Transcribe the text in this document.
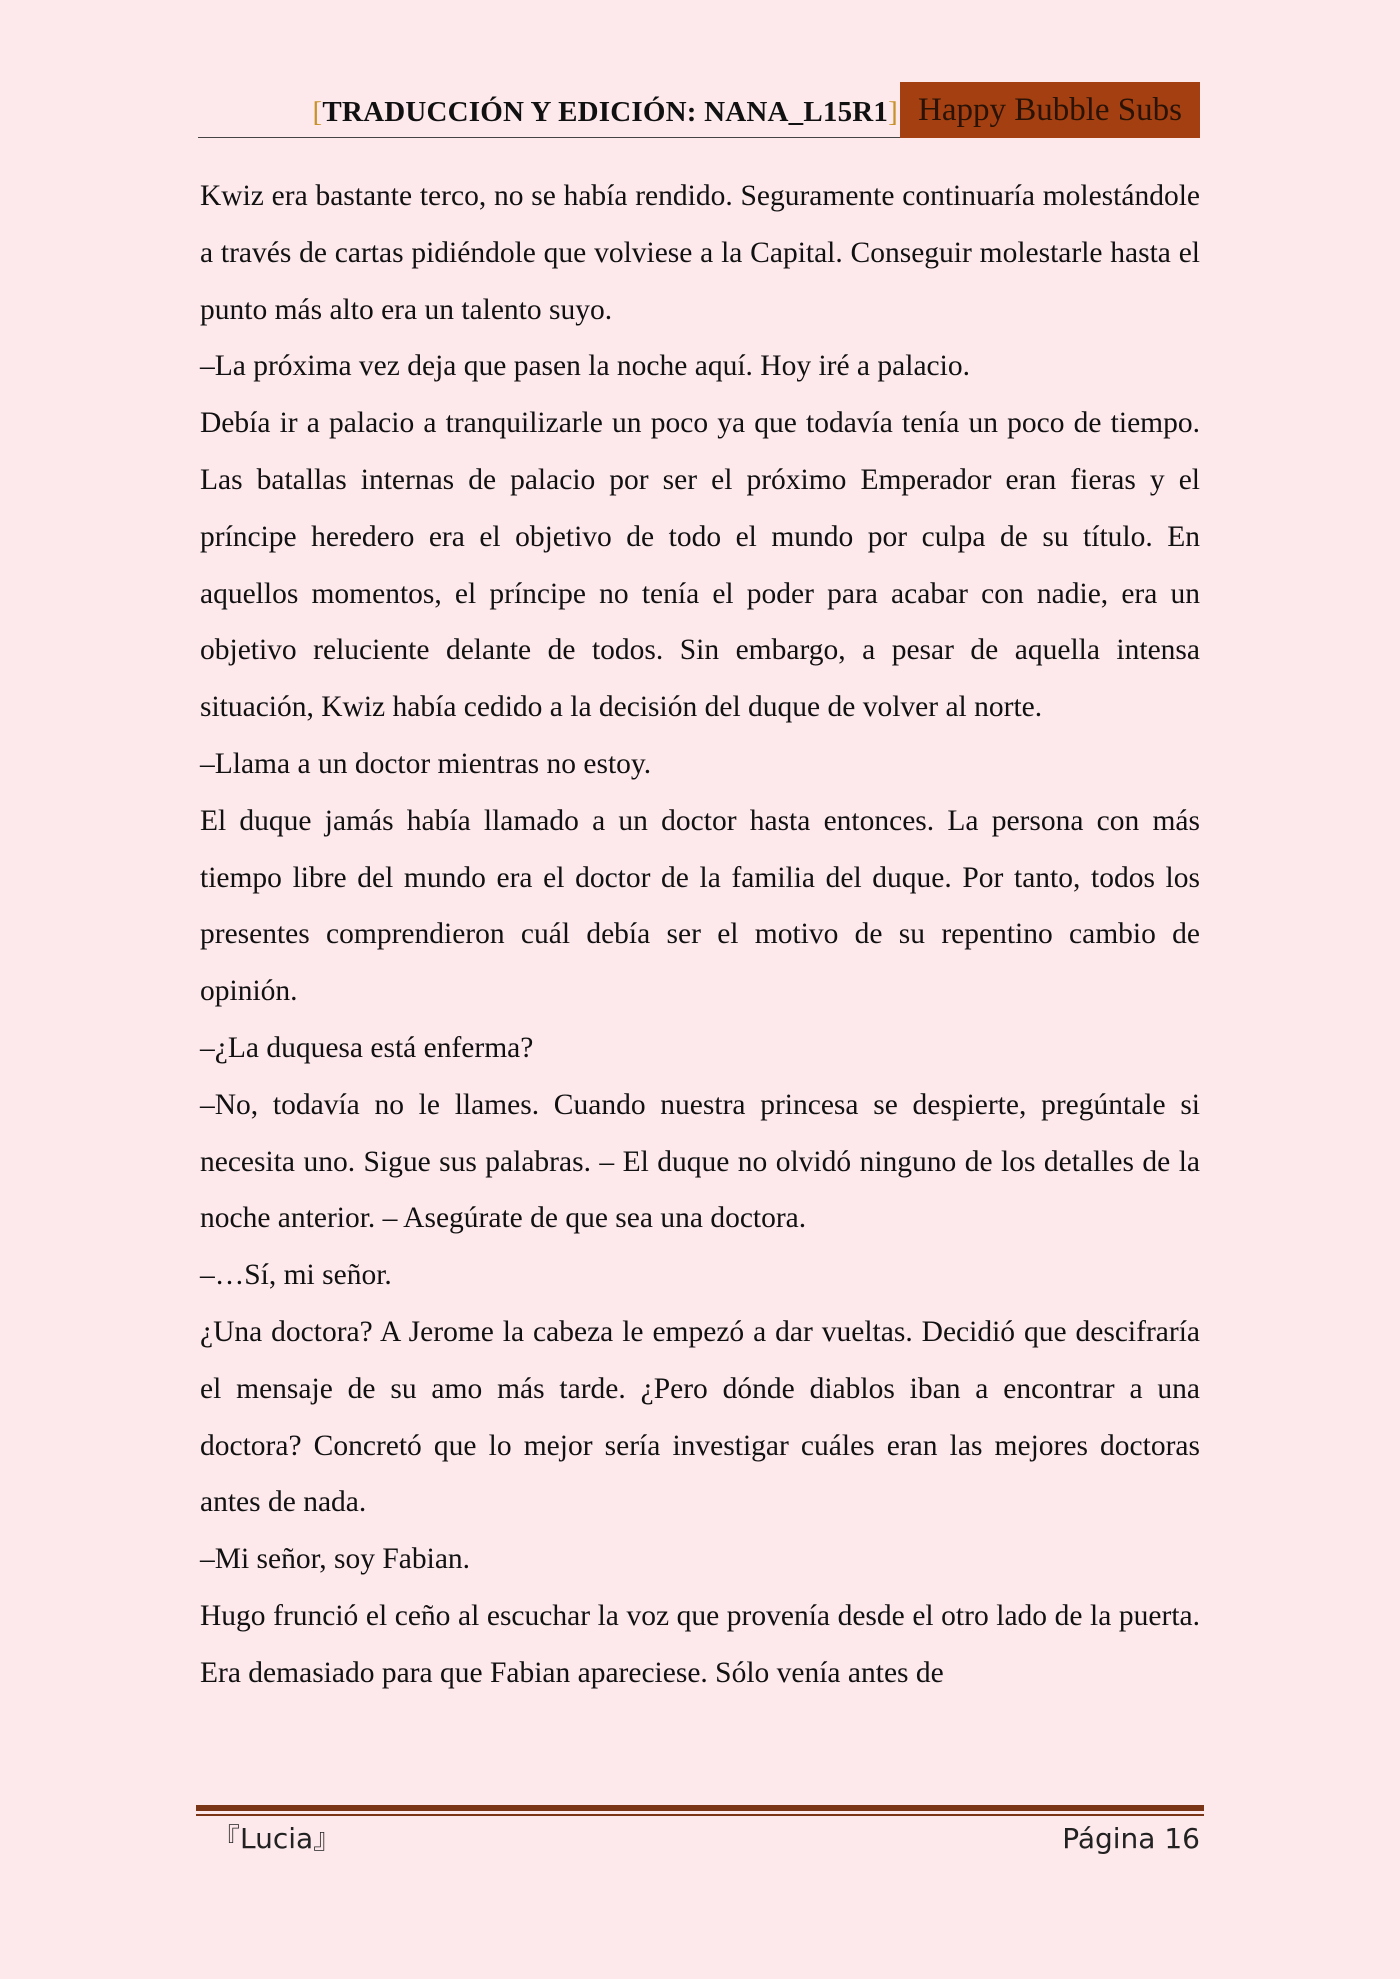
[TRADUCCIÓN Y EDICIÓN: NANA_L15R1] Happy Bubble Subs

Kwiz era bastante terco, no se había rendido. Seguramente continuaría molestándole a través de cartas pidiéndole que volviese a la Capital. Conseguir molestarle hasta el punto más alto era un talento suyo.

–La próxima vez deja que pasen la noche aquí. Hoy iré a palacio.

Debía ir a palacio a tranquilizarle un poco ya que todavía tenía un poco de tiempo. Las batallas internas de palacio por ser el próximo Emperador eran fieras y el príncipe heredero era el objetivo de todo el mundo por culpa de su título. En aquellos momentos, el príncipe no tenía el poder para acabar con nadie, era un objetivo reluciente delante de todos. Sin embargo, a pesar de aquella intensa situación, Kwiz había cedido a la decisión del duque de volver al norte.

–Llama a un doctor mientras no estoy.

El duque jamás había llamado a un doctor hasta entonces. La persona con más tiempo libre del mundo era el doctor de la familia del duque. Por tanto, todos los presentes comprendieron cuál debía ser el motivo de su repentino cambio de opinión.

–¿La duquesa está enferma?

–No, todavía no le llames. Cuando nuestra princesa se despierte, pregúntale si necesita uno. Sigue sus palabras. – El duque no olvidó ninguno de los detalles de la noche anterior. – Asegúrate de que sea una doctora.

–…Sí, mi señor.

¿Una doctora? A Jerome la cabeza le empezó a dar vueltas. Decidió que descifraría el mensaje de su amo más tarde. ¿Pero dónde diablos iban a encontrar a una doctora? Concretó que lo mejor sería investigar cuáles eran las mejores doctoras antes de nada.

–Mi señor, soy Fabian.

Hugo frunció el ceño al escuchar la voz que provenía desde el otro lado de la puerta. Era demasiado para que Fabian apareciese. Sólo venía antes de

『Lucia』	Página 16
